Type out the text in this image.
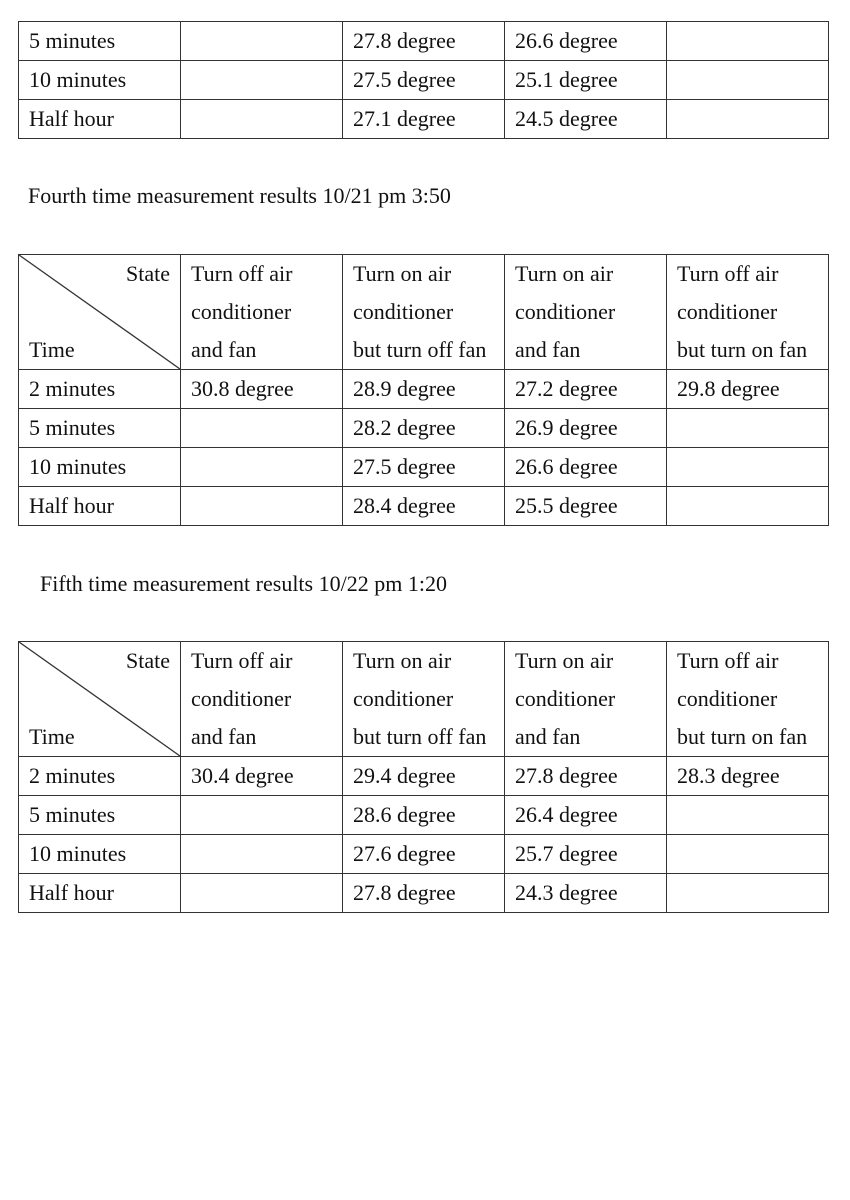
5 minutes		27.8 degree	26.6 degree	
10 minutes		27.5 degree	25.1 degree	
Half hour		27.1 degree	24.5 degree	
Fourth time measurement results 10/21 pm 3:50
State
Time	Turn off air
conditioner
and fan	Turn on air
conditioner
but turn off fan	Turn on air
conditioner
and fan	Turn off air
conditioner
but turn on fan

2 minutes	30.8 degree	28.9 degree	27.2 degree	29.8 degree
5 minutes		28.2 degree	26.9 degree	
10 minutes		27.5 degree	26.6 degree	
Half hour		28.4 degree	25.5 degree	
Fifth time measurement results 10/22 pm 1:20
State
Time	Turn off air
conditioner
and fan	Turn on air
conditioner
but turn off fan	Turn on air
conditioner
and fan	Turn off air
conditioner
but turn on fan

2 minutes	30.4 degree	29.4 degree	27.8 degree	28.3 degree
5 minutes		28.6 degree	26.4 degree	
10 minutes		27.6 degree	25.7 degree	
Half hour		27.8 degree	24.3 degree	
